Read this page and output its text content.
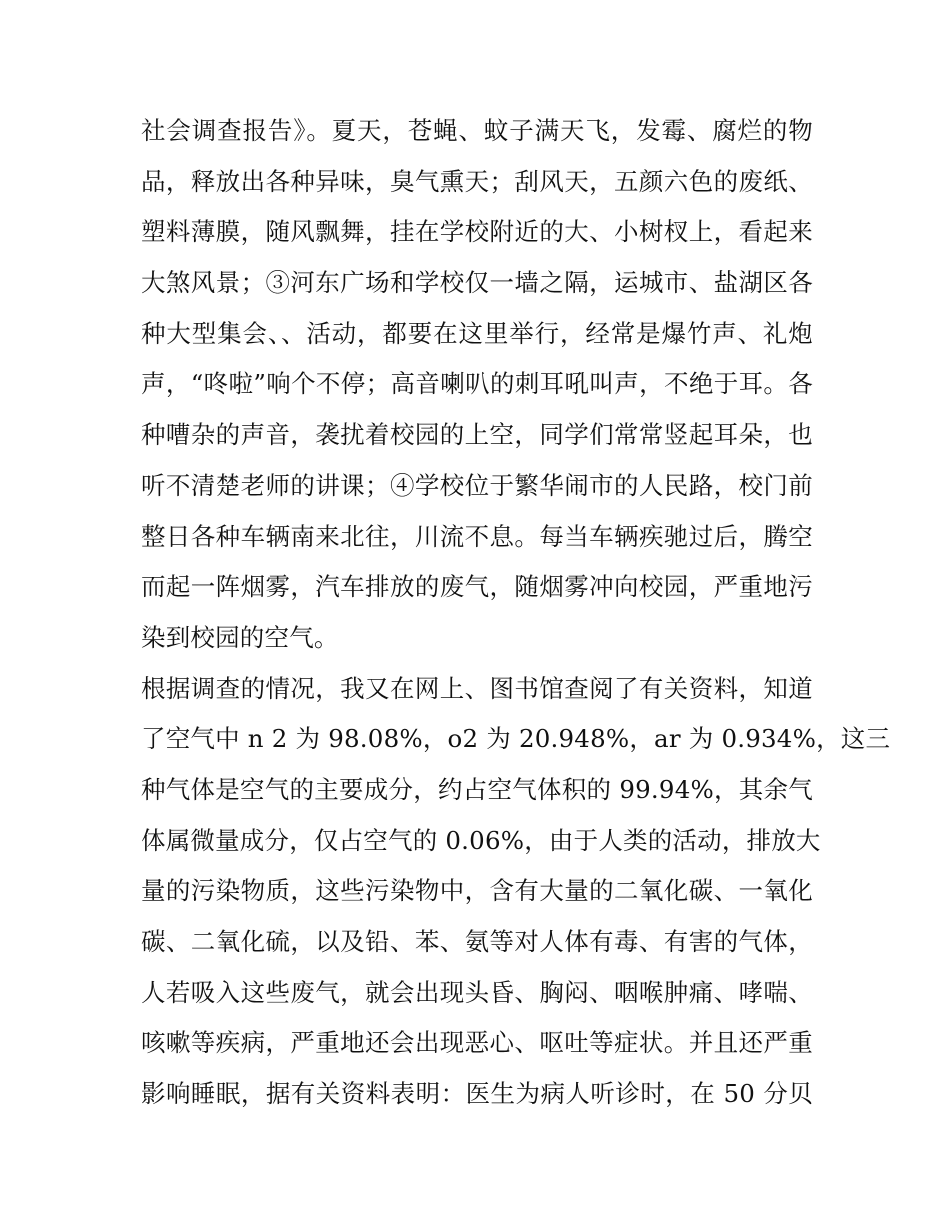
社会调查报告》。夏天，苍蝇、蚊子满天飞，发霉、腐烂的物
品，释放出各种异味，臭气熏天；刮风天，五颜六色的废纸、
塑料薄膜，随风飘舞，挂在学校附近的大、小树杈上，看起来
大煞风景；③河东广场和学校仅一墙之隔，运城市、盐湖区各
种大型集会、、活动，都要在这里举行，经常是爆竹声、礼炮
声，“咚啦”响个不停；高音喇叭的刺耳吼叫声，不绝于耳。各
种嘈杂的声音，袭扰着校园的上空，同学们常常竖起耳朵，也
听不清楚老师的讲课；④学校位于繁华闹市的人民路，校门前
整日各种车辆南来北往，川流不息。每当车辆疾驰过后，腾空
而起一阵烟雾，汽车排放的废气，随烟雾冲向校园，严重地污
染到校园的空气。
根据调查的情况，我又在网上、图书馆查阅了有关资料，知道
了空气中 n 2 为 98.08%，o2 为 20.948%，ar 为 0.934%，这三
种气体是空气的主要成分，约占空气体积的 99.94%，其余气
体属微量成分，仅占空气的 0.06%，由于人类的活动，排放大
量的污染物质，这些污染物中，含有大量的二氧化碳、一氧化
碳、二氧化硫，以及铅、苯、氨等对人体有毒、有害的气体，
人若吸入这些废气，就会出现头昏、胸闷、咽喉肿痛、哮喘、
咳嗽等疾病，严重地还会出现恶心、呕吐等症状。并且还严重
影响睡眠，据有关资料表明：医生为病人听诊时，在 50 分贝
